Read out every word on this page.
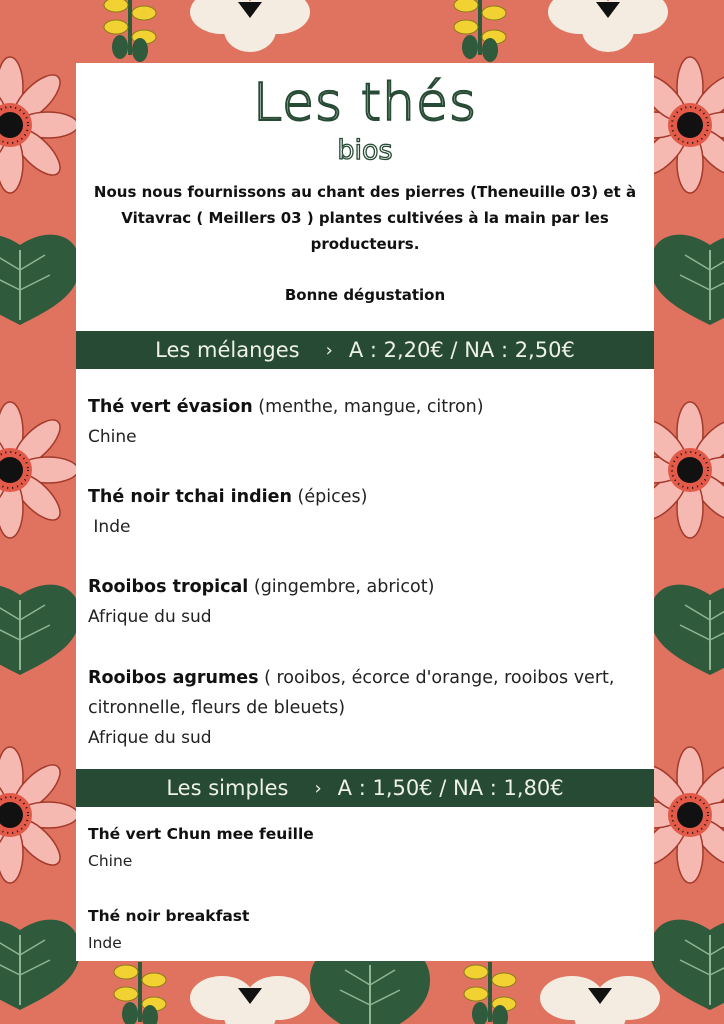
Les thés
bios
Nous nous fournissons au chant des pierres (Theneuille 03) et à Vitavrac ( Meillers 03 ) plantes cultivées à la main par les producteurs.
Bonne dégustation
Les mélanges › A : 2,20€ / NA : 2,50€
Thé vert évasion (menthe, mangue, citron)
Chine
Thé noir tchai indien (épices)
Inde
Rooibos tropical (gingembre, abricot)
Afrique du sud
Rooibos agrumes ( rooibos, écorce d'orange, rooibos vert, citronnelle, fleurs de bleuets)
Afrique du sud
Les simples › A : 1,50€ / NA : 1,80€
Thé vert Chun mee feuille
Chine
Thé noir breakfast
Inde
